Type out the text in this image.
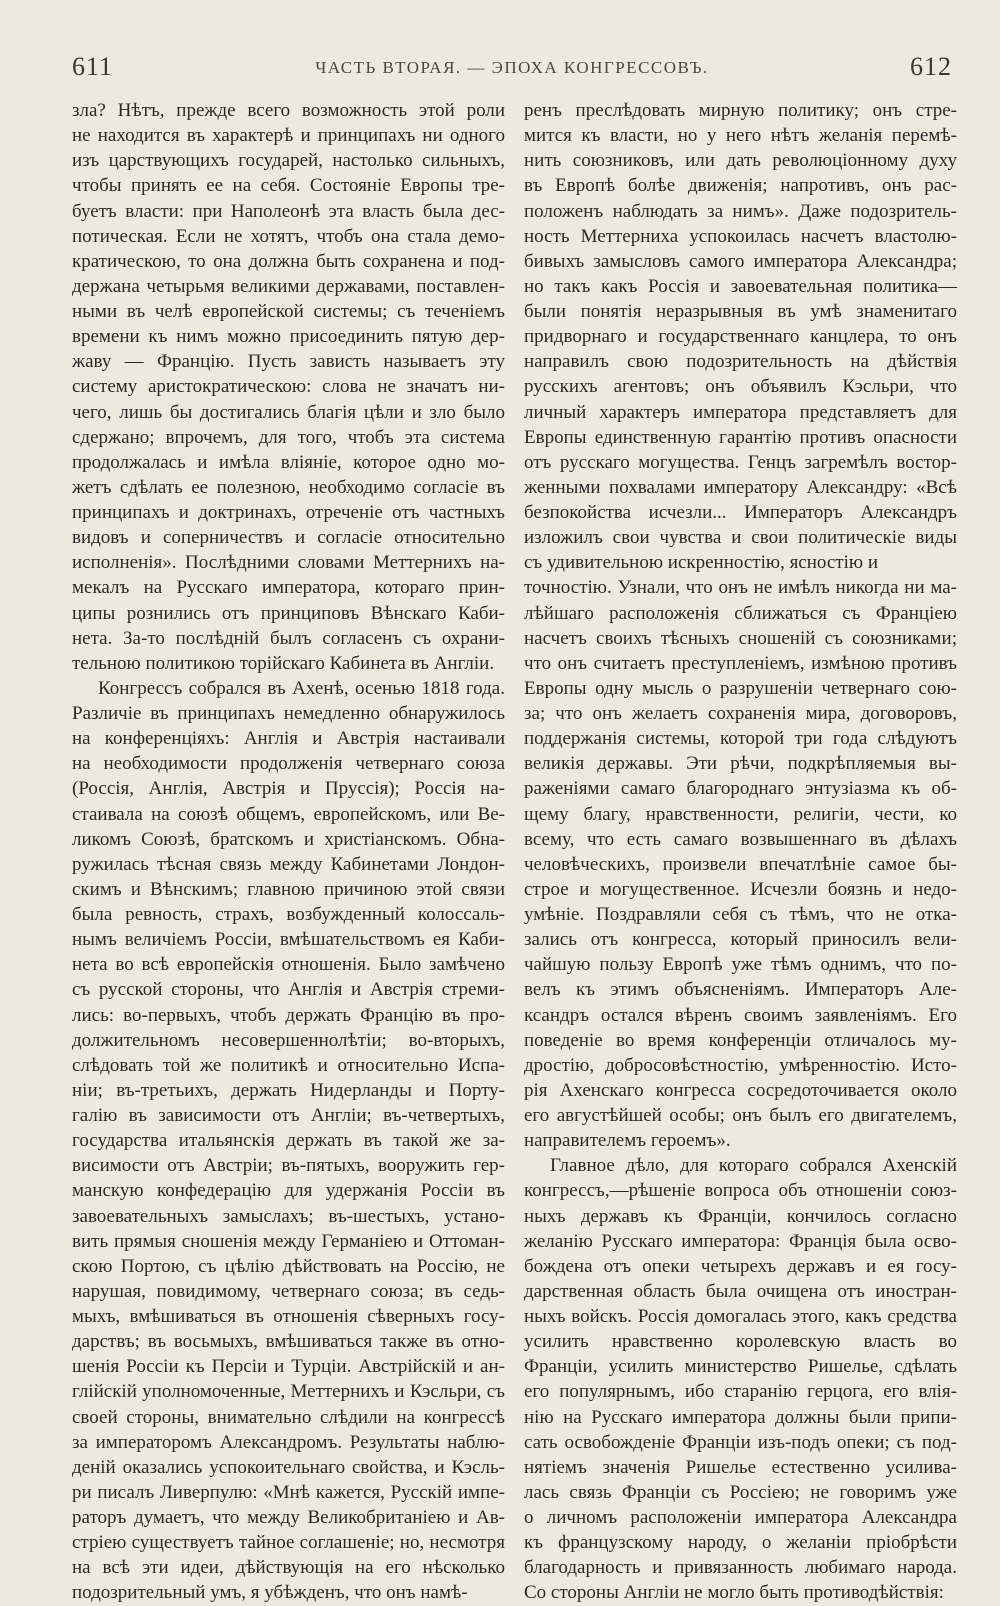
611	ЧАСТЬ ВТОРАЯ. — ЭПОХА КОНГРЕССОВЪ.	612
зла? Нѣтъ, прежде всего возможность этой роли
не находится въ характерѣ и принципахъ ни одного
изъ царствующихъ государей, настолько сильныхъ,
чтобы принять ее на себя. Состояніе Европы тре-
буетъ власти: при Наполеонѣ эта власть была дес-
потическая. Если не хотятъ, чтобъ она стала демо-
кратическою, то она должна быть сохранена и под-
держана четырьмя великими державами, поставлен-
ными въ челѣ европейской системы; съ теченіемъ
времени къ нимъ можно присоединить пятую дер-
жаву — Францію. Пусть зависть называетъ эту
систему аристократическою: слова не значатъ ни-
чего, лишь бы достигались благія цѣли и зло было
сдержано; впрочемъ, для того, чтобъ эта система
продолжалась и имѣла вліяніе, которое одно мо-
жетъ сдѣлать ее полезною, необходимо согласіе въ
принципахъ и доктринахъ, отреченіе отъ частныхъ
видовъ и соперничествъ и согласіе относительно
исполненія». Послѣдними словами Меттернихъ на-
мекалъ на Русскаго императора, котораго прин-
ципы рознились отъ принциповъ Вѣнскаго Каби-
нета. За-то послѣдній былъ согласенъ съ охрани-
тельною политикою торійскаго Кабинета въ Англіи.
Конгрессъ собрался въ Ахенѣ, осенью 1818 года.
Различіе въ принципахъ немедленно обнаружилось
на конференціяхъ: Англія и Австрія настаивали
на необходимости продолженія четвернаго союза
(Россія, Англія, Австрія и Пруссія); Россія на-
стаивала на союзѣ общемъ, европейскомъ, или Ве-
ликомъ Союзѣ, братскомъ и христіанскомъ. Обна-
ружилась тѣсная связь между Кабинетами Лондон-
скимъ и Вѣнскимъ; главною причиною этой связи
была ревность, страхъ, возбужденный колоссаль-
нымъ величіемъ Россіи, вмѣшательствомъ ея Каби-
нета во всѣ европейскія отношенія. Было замѣчено
съ русской стороны, что Англія и Австрія стреми-
лись: во-первыхъ, чтобъ держать Францію въ про-
должительномъ несовершеннолѣтіи; во-вторыхъ,
слѣдовать той же политикѣ и относительно Испа-
ніи; въ-третьихъ, держать Нидерланды и Порту-
галію въ зависимости отъ Англіи; въ-четвертыхъ,
государства итальянскія держать въ такой же за-
висимости отъ Австріи; въ-пятыхъ, вооружить гер-
манскую конфедерацію для удержанія Россіи въ
завоевательныхъ замыслахъ; въ-шестыхъ, устано-
вить прямыя сношенія между Германіею и Оттоман-
скою Портою, съ цѣлію дѣйствовать на Россію, не
нарушая, повидимому, четвернаго союза; въ седь-
мыхъ, вмѣшиваться въ отношенія сѣверныхъ госу-
дарствъ; въ восьмыхъ, вмѣшиваться также въ отно-
шенія Россіи къ Персіи и Турціи. Австрійскій и ан-
глійскій уполномоченные, Меттернихъ и Кэсльри, съ
своей стороны, внимательно слѣдили на конгрессѣ
за императоромъ Александромъ. Результаты наблю-
деній оказались успокоительнаго свойства, и Кэсль-
ри писалъ Ливерпулю: «Мнѣ кажется, Русскій импе-
раторъ думаетъ, что между Великобританіею и Ав-
стріею существуетъ тайное соглашеніе; но, несмотря
на всѣ эти идеи, дѣйствующія на его нѣсколько
подозрительный умъ, я убѣжденъ, что онъ намѣ-
ренъ преслѣдовать мирную политику; онъ стре-
мится къ власти, но у него нѣтъ желанія перемѣ-
нить союзниковъ, или дать революціонному духу
въ Европѣ болѣе движенія; напротивъ, онъ рас-
положенъ наблюдать за нимъ». Даже подозритель-
ность Меттерниха успокоилась насчетъ властолю-
бивыхъ замысловъ самого императора Александра;
но такъ какъ Россія и завоевательная политика—
были понятія неразрывныя въ умѣ знаменитаго
придворнаго и государственнаго канцлера, то онъ
направилъ свою подозрительность на дѣйствія
русскихъ агентовъ; онъ объявилъ Кэсльри, что
личный характеръ императора представляетъ для
Европы единственную гарантію противъ опасности
отъ русскаго могущества. Генцъ загремѣлъ востор-
женными похвалами императору Александру: «Всѣ
безпокойства исчезли... Императоръ Александръ
изложилъ свои чувства и свои политическіе виды
съ удивительною искренностію, ясностію и
точностію. Узнали, что онъ не имѣлъ никогда ни ма-
лѣйшаго расположенія сближаться съ Франціею
насчетъ своихъ тѣсныхъ сношеній съ союзниками;
что онъ считаетъ преступленіемъ, измѣною противъ
Европы одну мысль о разрушеніи четвернаго сою-
за; что онъ желаетъ сохраненія мира, договоровъ,
поддержанія системы, которой три года слѣдуютъ
великія державы. Эти рѣчи, подкрѣпляемыя вы-
раженіями самаго благороднаго энтузіазма къ об-
щему благу, нравственности, религіи, чести, ко
всему, что есть самаго возвышеннаго въ дѣлахъ
человѣческихъ, произвели впечатлѣніе самое бы-
строе и могущественное. Исчезли боязнь и недо-
умѣніе. Поздравляли себя съ тѣмъ, что не отка-
зались отъ конгресса, который приносилъ вели-
чайшую пользу Европѣ уже тѣмъ однимъ, что по-
велъ къ этимъ объясненіямъ. Императоръ Але-
ксандръ остался вѣренъ своимъ заявленіямъ. Его
поведеніе во время конференціи отличалось му-
дростію, добросовѣстностію, умѣренностію. Исто-
рія Ахенскаго конгресса сосредоточивается около
его августѣйшей особы; онъ былъ его двигателемъ,
направителемъ героемъ».
Главное дѣло, для котораго собрался Ахенскій
конгрессъ,—рѣшеніе вопроса объ отношеніи союз-
ныхъ державъ къ Франціи, кончилось согласно
желанію Русскаго императора: Франція была осво-
бождена отъ опеки четырехъ державъ и ея госу-
дарственная область была очищена отъ иностран-
ныхъ войскъ. Россія домогалась этого, какъ средства
усилить нравственно королевскую власть во
Франціи, усилить министерство Ришелье, сдѣлать
его популярнымъ, ибо старанію герцога, его влія-
нію на Русскаго императора должны были припи-
сать освобожденіе Франціи изъ-подъ опеки; съ под-
нятіемъ значенія Ришелье естественно усилива-
лась связь Франціи съ Россіею; не говоримъ уже
о личномъ расположеніи императора Александра
къ французскому народу, о желаніи пріобрѣсти
благодарность и привязанность любимаго народа.
Со стороны Англіи не могло быть противодѣйствія:
